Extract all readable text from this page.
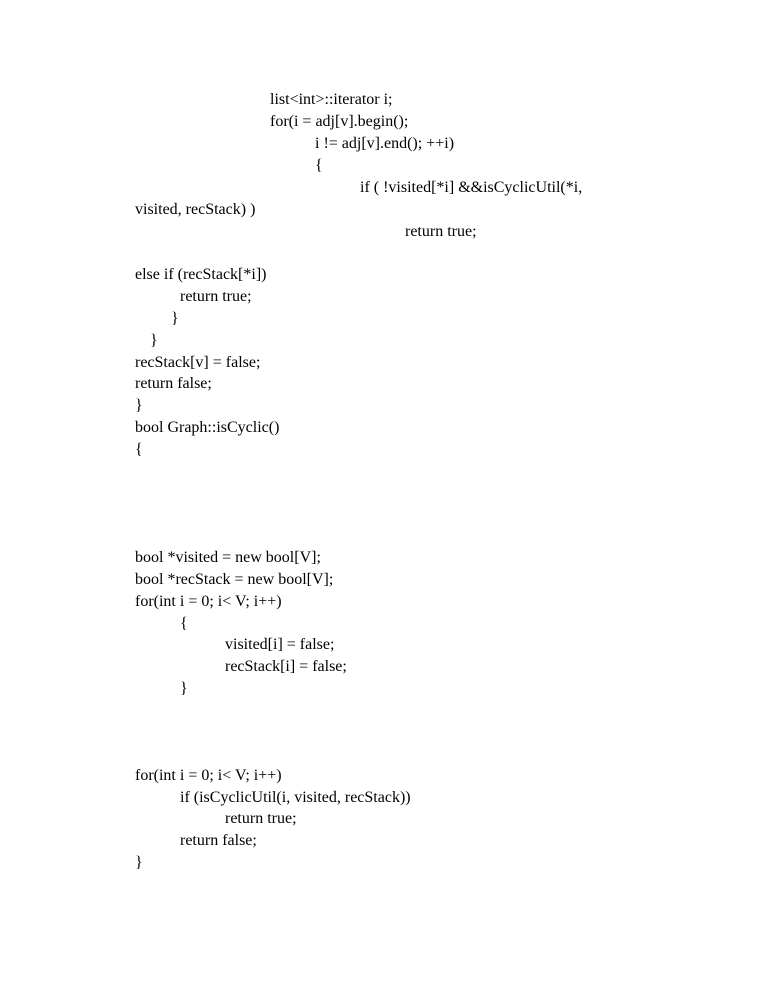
list<int>::iterator i;

for(i = adj[v].begin();

i != adj[v].end(); ++i)

{

if ( !visited[*i] &&isCyclicUtil(*i,

visited, recStack) )

return true;

else if (recStack[*i])

return true;

}

}

recStack[v] = false;

return false;

}

bool Graph::isCyclic()

{

bool *visited = new bool[V];

bool *recStack = new bool[V];

for(int i = 0; i< V; i++)

{

visited[i] = false;

recStack[i] = false;

}

for(int i = 0; i< V; i++)

if (isCyclicUtil(i, visited, recStack))

return true;

return false;

}
